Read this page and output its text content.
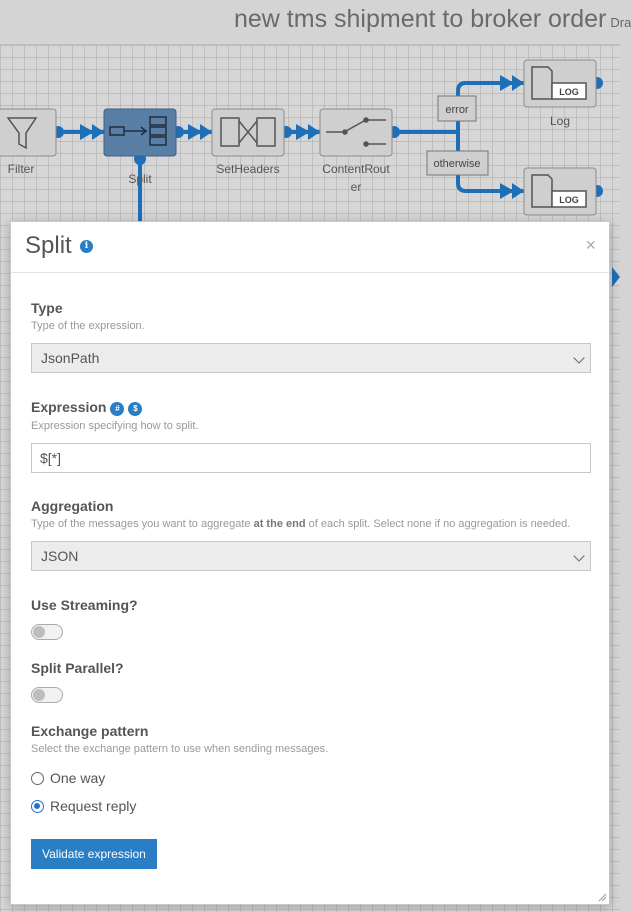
new tms shipment to broker order Dra
Filter
Split
SetHeaders	ContentRout
er
error
otherwise
LOG
Log
LOG
Split	i	×
Type
Type of the expression.
JsonPath
Expression # $
Expression specifying how to split.
$[*]
Aggregation
Type of the messages you want to aggregate at the end of each split. Select none if no aggregation is needed.
JSON
Use Streaming?
Split Parallel?
Exchange pattern
Select the exchange pattern to use when sending messages.
One way
Request reply
Validate expression
